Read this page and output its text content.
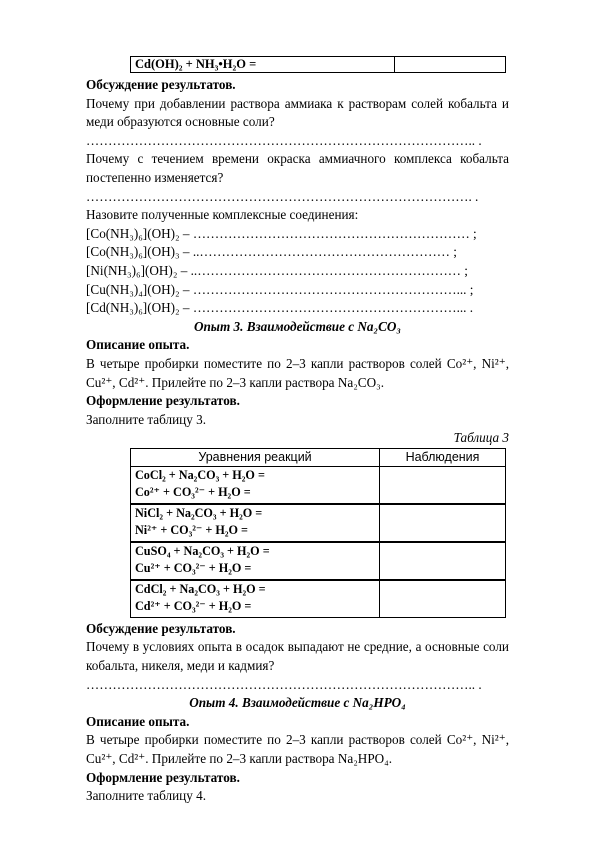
Cd(OH)₂ + NH₃•H₂O =	

Обсуждение результатов.

Почему при добавлении раствора аммиака к растворам солей кобальта и меди образуются основные соли?

…………………………………………………………………………….. .

Почему с течением времени окраска аммиачного комплекса кобальта постепенно изменяется?

……………………………………………………………………………. .

Назовите полученные комплексные соединения:

[Co(NH₃)₆](OH)₂ – ……………………………………………………… ;

[Co(NH₃)₆](OH)₃ – ..………………………………………………… ;

[Ni(NH₃)₆](OH)₂ – ..…………………………………………………… ;

[Cu(NH₃)₄](OH)₂ – ……………………………………………………... ;

[Cd(NH₃)₆](OH)₂ – ……………………………………………………... .

Опыт 3. Взаимодействие с Na₂CO₃

Описание опыта.

В четыре пробирки поместите по 2–3 капли растворов солей Co²⁺, Ni²⁺, Cu²⁺, Cd²⁺. Прилейте по 2–3 капли раствора Na₂CO₃.

Оформление результатов.

Заполните таблицу 3.

Таблица 3

Уравнения реакций	Наблюдения

CoCl₂ + Na₂CO₃ + H₂O =
Co²⁺ + CO₃²⁻ + H₂O =	

NiCl₂ + Na₂CO₃ + H₂O =
Ni²⁺ + CO₃²⁻ + H₂O =	

CuSO₄ + Na₂CO₃ + H₂O =
Cu²⁺ + CO₃²⁻ + H₂O =	

CdCl₂ + Na₂CO₃ + H₂O =
Cd²⁺ + CO₃²⁻ + H₂O =	

Обсуждение результатов.

Почему в условиях опыта в осадок выпадают не средние, а основные соли кобальта, никеля, меди и кадмия?

…………………………………………………………………………….. .

Опыт 4. Взаимодействие с Na₂HPO₄

Описание опыта.

В четыре пробирки поместите по 2–3 капли растворов солей Co²⁺, Ni²⁺, Cu²⁺, Cd²⁺. Прилейте по 2–3 капли раствора Na₂HPO₄.

Оформление результатов.

Заполните таблицу 4.
